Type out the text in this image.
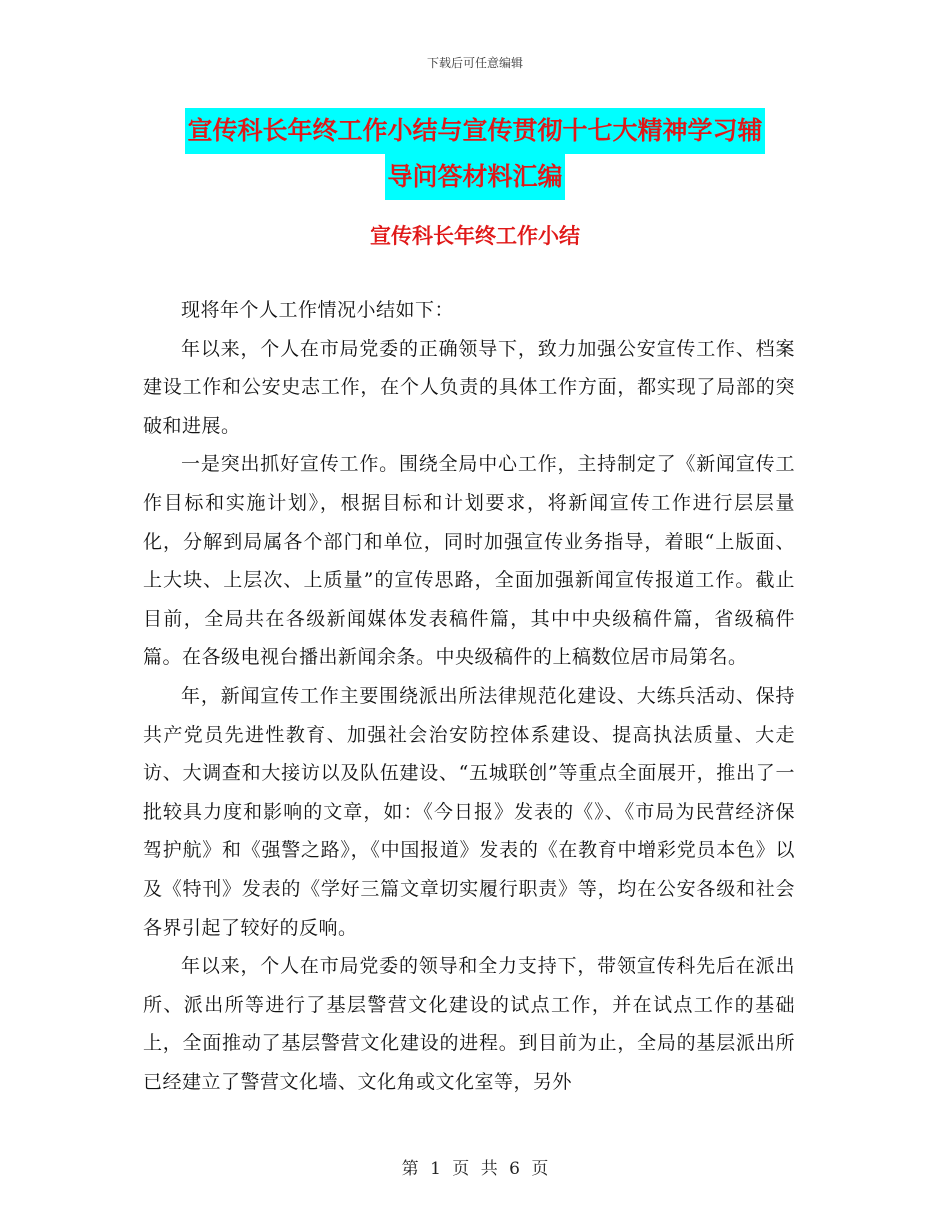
下载后可任意编辑
宣传科长年终工作小结与宣传贯彻十七大精神学习辅
导问答材料汇编
宣传科长年终工作小结

现将年个人工作情况小结如下：

年以来，个人在市局党委的正确领导下，致力加强公安宣传工作、档案建设工作和公安史志工作，在个人负责的具体工作方面，都实现了局部的突破和进展。

一是突出抓好宣传工作。围绕全局中心工作，主持制定了《新闻宣传工作目标和实施计划》，根据目标和计划要求，将新闻宣传工作进行层层量化，分解到局属各个部门和单位，同时加强宣传业务指导，着眼“上版面、上大块、上层次、上质量”的宣传思路，全面加强新闻宣传报道工作。截止目前，全局共在各级新闻媒体发表稿件篇，其中中央级稿件篇，省级稿件篇。在各级电视台播出新闻余条。中央级稿件的上稿数位居市局第名。

年，新闻宣传工作主要围绕派出所法律规范化建设、大练兵活动、保持共产党员先进性教育、加强社会治安防控体系建设、提高执法质量、大走访、大调查和大接访以及队伍建设、“五城联创”等重点全面展开，推出了一批较具力度和影响的文章，如：《今日报》发表的《》、《市局为民营经济保驾护航》和《强警之路》，《中国报道》发表的《在教育中增彩党员本色》以及《特刊》发表的《学好三篇文章切实履行职责》等，均在公安各级和社会各界引起了较好的反响。

年以来，个人在市局党委的领导和全力支持下，带领宣传科先后在派出所、派出所等进行了基层警营文化建设的试点工作，并在试点工作的基础上，全面推动了基层警营文化建设的进程。到目前为止，全局的基层派出所已经建立了警营文化墙、文化角或文化室等，另外

第 1 页 共 6 页
